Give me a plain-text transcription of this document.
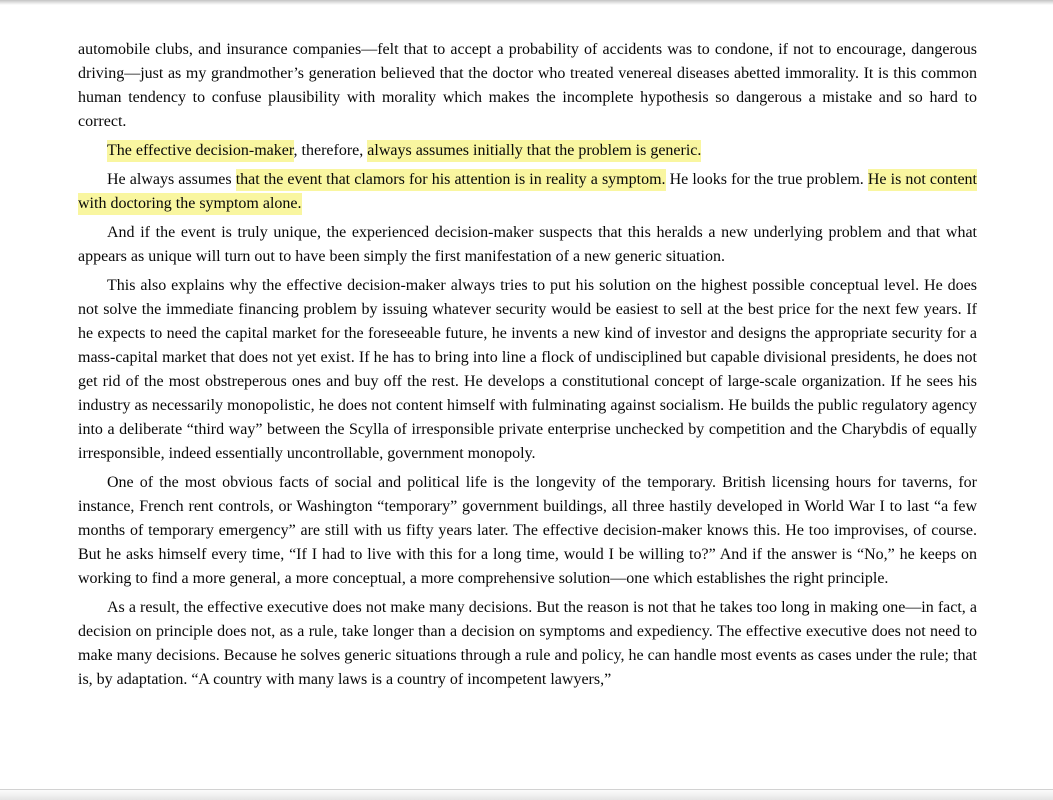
automobile clubs, and insurance companies—felt that to accept a probability of accidents was to condone, if not to encourage, dangerous driving—just as my grandmother’s generation believed that the doctor who treated venereal diseases abetted immorality. It is this common human tendency to confuse plausibility with morality which makes the incomplete hypothesis so dangerous a mistake and so hard to correct.

The effective decision-maker, therefore, always assumes initially that the problem is generic.

He always assumes that the event that clamors for his attention is in reality a symptom. He looks for the true problem. He is not content with doctoring the symptom alone.

And if the event is truly unique, the experienced decision-maker suspects that this heralds a new underlying problem and that what appears as unique will turn out to have been simply the first manifestation of a new generic situation.

This also explains why the effective decision-maker always tries to put his solution on the highest possible conceptual level. He does not solve the immediate financing problem by issuing whatever security would be easiest to sell at the best price for the next few years. If he expects to need the capital market for the foreseeable future, he invents a new kind of investor and designs the appropriate security for a mass-capital market that does not yet exist. If he has to bring into line a flock of undisciplined but capable divisional presidents, he does not get rid of the most obstreperous ones and buy off the rest. He develops a constitutional concept of large-scale organization. If he sees his industry as necessarily monopolistic, he does not content himself with fulminating against socialism. He builds the public regulatory agency into a deliberate “third way” between the Scylla of irresponsible private enterprise unchecked by competition and the Charybdis of equally irresponsible, indeed essentially uncontrollable, government monopoly.

One of the most obvious facts of social and political life is the longevity of the temporary. British licensing hours for taverns, for instance, French rent controls, or Washington “temporary” government buildings, all three hastily developed in World War I to last “a few months of temporary emergency” are still with us fifty years later. The effective decision-maker knows this. He too improvises, of course. But he asks himself every time, “If I had to live with this for a long time, would I be willing to?” And if the answer is “No,” he keeps on working to find a more general, a more conceptual, a more comprehensive solution—one which establishes the right principle.

As a result, the effective executive does not make many decisions. But the reason is not that he takes too long in making one—in fact, a decision on principle does not, as a rule, take longer than a decision on symptoms and expediency. The effective executive does not need to make many decisions. Because he solves generic situations through a rule and policy, he can handle most events as cases under the rule; that is, by adaptation. “A country with many laws is a country of incompetent lawyers,”
